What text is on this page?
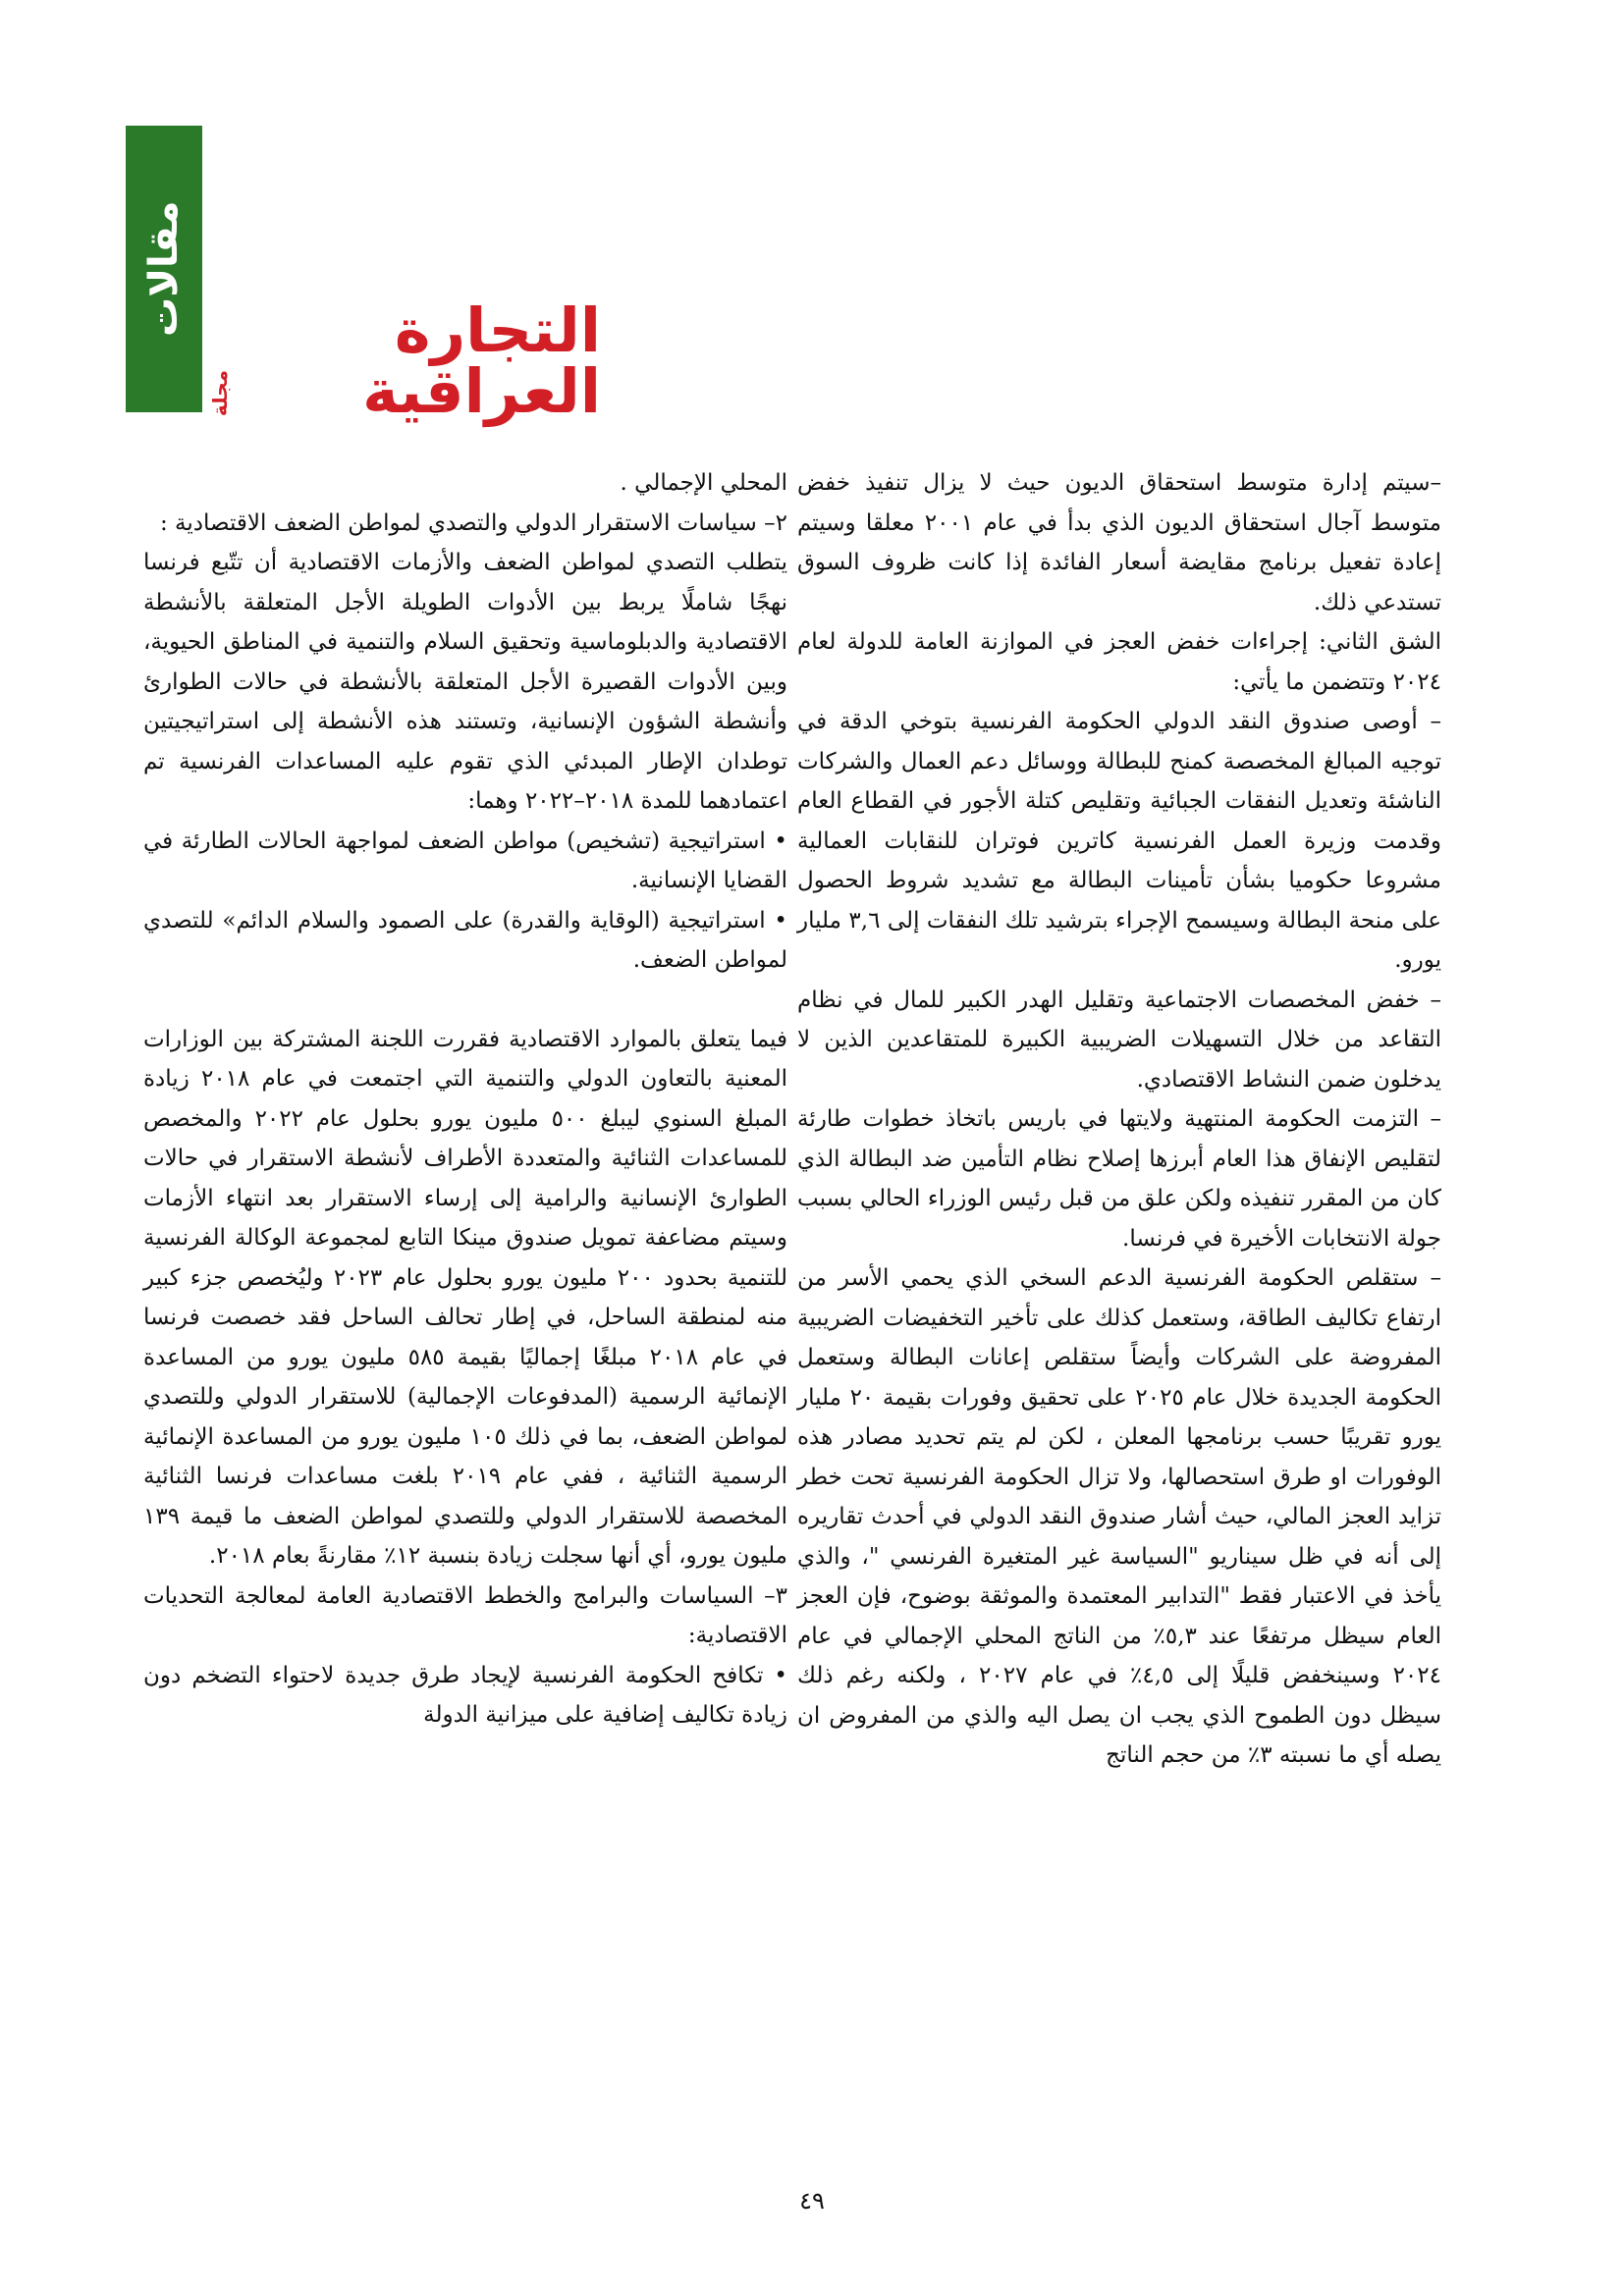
مقالات
مجلة
التجارة العراقية

–سيتم إدارة متوسط استحقاق الديون حيث لا يزال تنفيذ خفض متوسط آجال استحقاق الديون الذي بدأ في عام ٢٠٠١ معلقا وسيتم إعادة تفعيل برنامج مقايضة أسعار الفائدة إذا كانت ظروف السوق تستدعي ذلك.

الشق الثاني: إجراءات خفض العجز في الموازنة العامة للدولة لعام ٢٠٢٤ وتتضمن ما يأتي:

– أوصى صندوق النقد الدولي الحكومة الفرنسية بتوخي الدقة في توجيه المبالغ المخصصة كمنح للبطالة ووسائل دعم العمال والشركات الناشئة وتعديل النفقات الجبائية وتقليص كتلة الأجور في القطاع العام وقدمت وزيرة العمل الفرنسية كاترين فوتران للنقابات العمالية مشروعا حكوميا بشأن تأمينات البطالة مع تشديد شروط الحصول على منحة البطالة وسيسمح الإجراء بترشيد تلك النفقات إلى ٣,٦ مليار يورو.

– خفض المخصصات الاجتماعية وتقليل الهدر الكبير للمال في نظام التقاعد من خلال التسهيلات الضريبية الكبيرة للمتقاعدين الذين لا يدخلون ضمن النشاط الاقتصادي.

– التزمت الحكومة المنتهية ولايتها في باريس باتخاذ خطوات طارئة لتقليص الإنفاق هذا العام أبرزها إصلاح نظام التأمين ضد البطالة الذي كان من المقرر تنفيذه ولكن علق من قبل رئيس الوزراء الحالي بسبب جولة الانتخابات الأخيرة في فرنسا.

– ستقلص الحكومة الفرنسية الدعم السخي الذي يحمي الأسر من ارتفاع تكاليف الطاقة، وستعمل كذلك على تأخير التخفيضات الضريبية المفروضة على الشركات وأيضاً ستقلص إعانات البطالة وستعمل الحكومة الجديدة خلال عام ٢٠٢٥ على تحقيق وفورات بقيمة ٢٠ مليار يورو تقريبًا حسب برنامجها المعلن ، لكن لم يتم تحديد مصادر هذه الوفورات او طرق استحصالها، ولا تزال الحكومة الفرنسية تحت خطر تزايد العجز المالي، حيث أشار صندوق النقد الدولي في أحدث تقاريره إلى أنه في ظل سيناريو "السياسة غير المتغيرة الفرنسي "، والذي يأخذ في الاعتبار فقط "التدابير المعتمدة والموثقة بوضوح، فإن العجز العام سيظل مرتفعًا عند ٥,٣٪ من الناتج المحلي الإجمالي في عام ٢٠٢٤ وسينخفض قليلًا إلى ٤,٥٪ في عام ٢٠٢٧ ، ولكنه رغم ذلك سيظل دون الطموح الذي يجب ان يصل اليه والذي من المفروض ان يصله أي ما نسبته ٣٪ من حجم الناتج

المحلي الإجمالي .

٢– سياسات الاستقرار الدولي والتصدي لمواطن الضعف الاقتصادية :

يتطلب التصدي لمواطن الضعف والأزمات الاقتصادية أن تتّبع فرنسا نهجًا شاملًا يربط بين الأدوات الطويلة الأجل المتعلقة بالأنشطة الاقتصادية والدبلوماسية وتحقيق السلام والتنمية في المناطق الحيوية، وبين الأدوات القصيرة الأجل المتعلقة بالأنشطة في حالات الطوارئ وأنشطة الشؤون الإنسانية، وتستند هذه الأنشطة إلى استراتيجيتين توطدان الإطار المبدئي الذي تقوم عليه المساعدات الفرنسية تم اعتمادهما للمدة ٢٠١٨–٢٠٢٢ وهما:

• استراتيجية (تشخيص) مواطن الضعف لمواجهة الحالات الطارئة في القضايا الإنسانية.

• استراتيجية (الوقاية والقدرة) على الصمود والسلام الدائم» للتصدي لمواطن الضعف.

فيما يتعلق بالموارد الاقتصادية فقررت اللجنة المشتركة بين الوزارات المعنية بالتعاون الدولي والتنمية التي اجتمعت في عام ٢٠١٨ زيادة المبلغ السنوي ليبلغ ٥٠٠ مليون يورو بحلول عام ٢٠٢٢ والمخصص للمساعدات الثنائية والمتعددة الأطراف لأنشطة الاستقرار في حالات الطوارئ الإنسانية والرامية إلى إرساء الاستقرار بعد انتهاء الأزمات وسيتم مضاعفة تمويل صندوق مينكا التابع لمجموعة الوكالة الفرنسية للتنمية بحدود ٢٠٠ مليون يورو بحلول عام ٢٠٢٣ وليُخصص جزء كبير منه لمنطقة الساحل، في إطار تحالف الساحل فقد خصصت فرنسا في عام ٢٠١٨ مبلغًا إجماليًا بقيمة ٥٨٥ مليون يورو من المساعدة الإنمائية الرسمية (المدفوعات الإجمالية) للاستقرار الدولي وللتصدي لمواطن الضعف، بما في ذلك ١٠٥ مليون يورو من المساعدة الإنمائية الرسمية الثنائية ، ففي عام ٢٠١٩ بلغت مساعدات فرنسا الثنائية المخصصة للاستقرار الدولي وللتصدي لمواطن الضعف ما قيمة ١٣٩ مليون يورو، أي أنها سجلت زيادة بنسبة ١٢٪ مقارنةً بعام ٢٠١٨.

٣– السياسات والبرامج والخطط الاقتصادية العامة لمعالجة التحديات الاقتصادية:

• تكافح الحكومة الفرنسية لإيجاد طرق جديدة لاحتواء التضخم دون زيادة تكاليف إضافية على ميزانية الدولة

٤٩
